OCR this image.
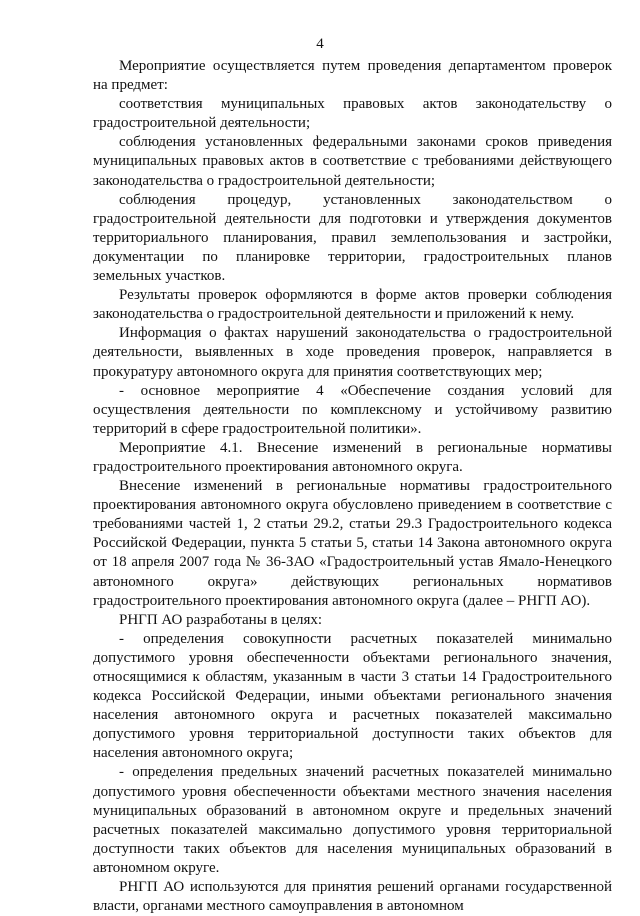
4

Мероприятие осуществляется путем проведения департаментом проверок на предмет:

соответствия муниципальных правовых актов законодательству о градостроительной деятельности;

соблюдения установленных федеральными законами сроков приведения муниципальных правовых актов в соответствие с требованиями действующего законодательства о градостроительной деятельности;

соблюдения процедур, установленных законодательством о градостроительной деятельности для подготовки и утверждения документов территориального планирования, правил землепользования и застройки, документации по планировке территории, градостроительных планов земельных участков.

Результаты проверок оформляются в форме актов проверки соблюдения законодательства о градостроительной деятельности и приложений к нему.

Информация о фактах нарушений законодательства о градостроительной деятельности, выявленных в ходе проведения проверок, направляется в прокуратуру автономного округа для принятия соответствующих мер;

- основное мероприятие 4 «Обеспечение создания условий для осуществления деятельности по комплексному и устойчивому развитию территорий в сфере градостроительной политики».

Мероприятие 4.1. Внесение изменений в региональные нормативы градостроительного проектирования автономного округа.

Внесение изменений в региональные нормативы градостроительного проектирования автономного округа обусловлено приведением в соответствие с требованиями частей 1, 2 статьи 29.2, статьи 29.3 Градостроительного кодекса Российской Федерации, пункта 5 статьи 5, статьи 14 Закона автономного округа от 18 апреля 2007 года № 36-ЗАО «Градостроительный устав Ямало-Ненецкого автономного округа» действующих региональных нормативов градостроительного проектирования автономного округа (далее – РНГП АО).

РНГП АО разработаны в целях:

- определения совокупности расчетных показателей минимально допустимого уровня обеспеченности объектами регионального значения, относящимися к областям, указанным в части 3 статьи 14 Градостроительного кодекса Российской Федерации, иными объектами регионального значения населения автономного округа и расчетных показателей максимально допустимого уровня территориальной доступности таких объектов для населения автономного округа;

- определения предельных значений расчетных показателей минимально допустимого уровня обеспеченности объектами местного значения населения муниципальных образований в автономном округе и предельных значений расчетных показателей максимально допустимого уровня территориальной доступности таких объектов для населения муниципальных образований в автономном округе.

РНГП АО используются для принятия решений органами государственной власти, органами местного самоуправления в автономном
